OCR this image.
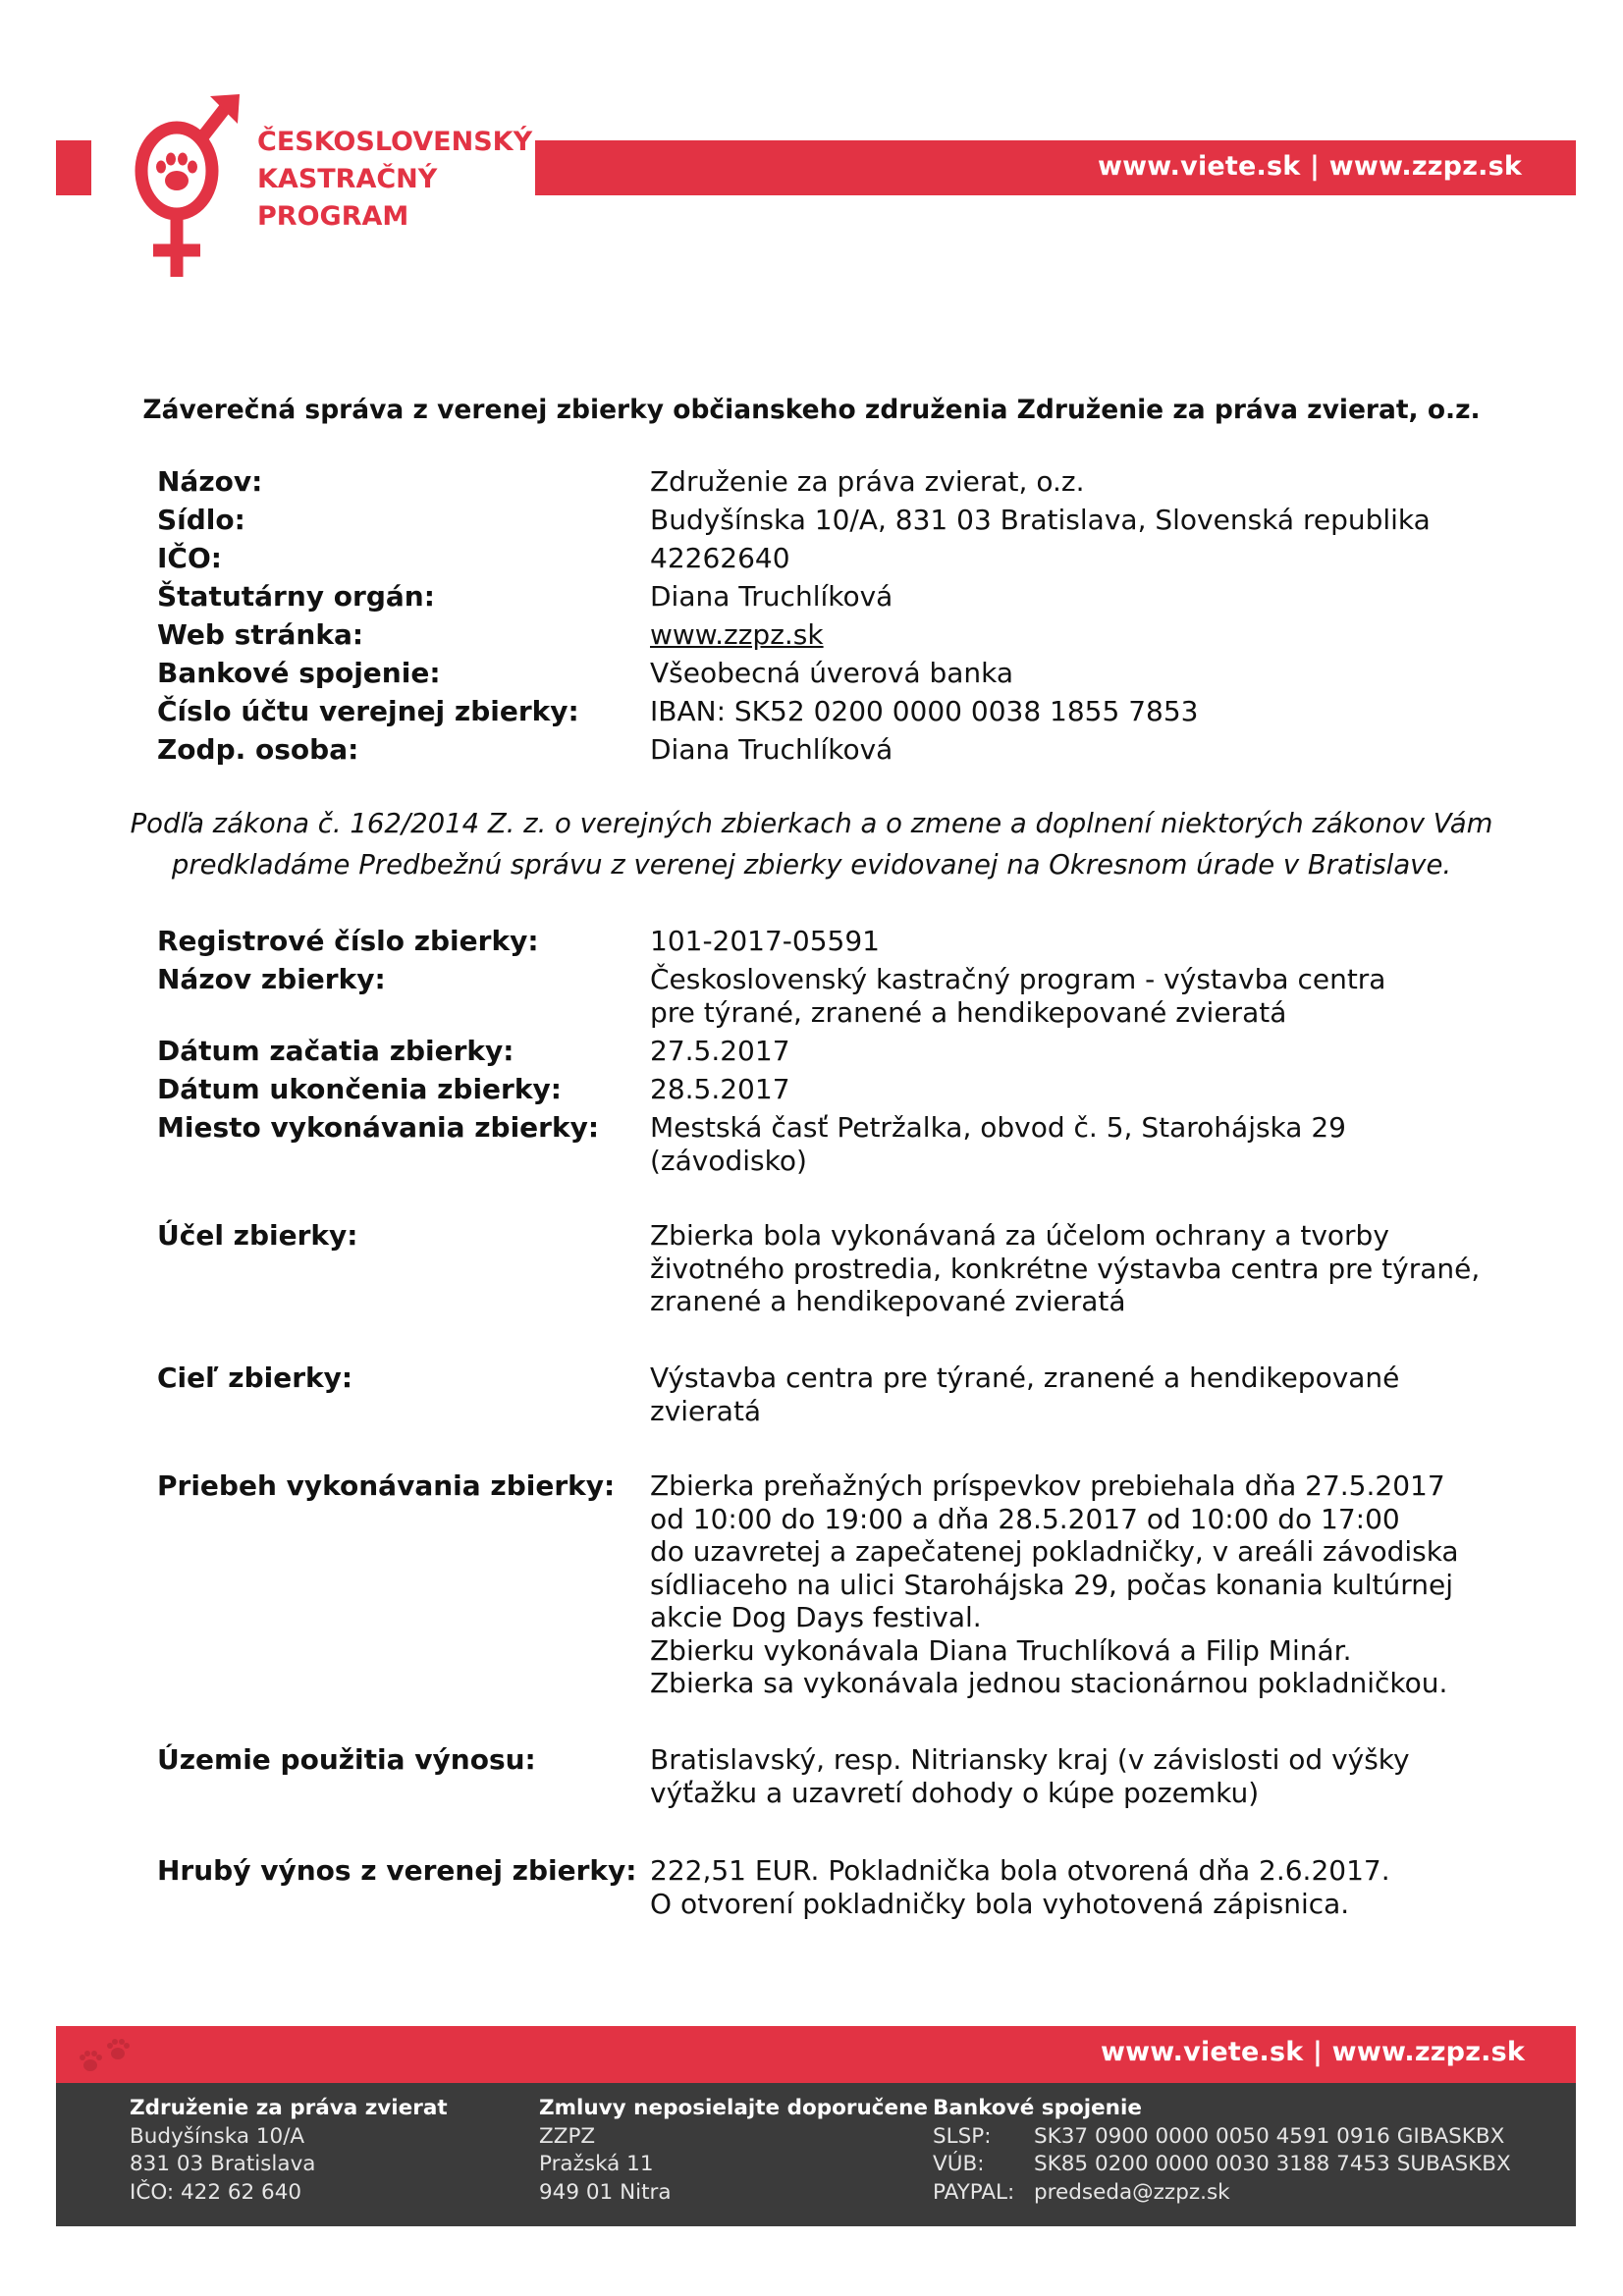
www.viete.sk | www.zzpz.sk
ČESKOSLOVENSKÝ
KASTRAČNÝ
PROGRAM
Záverečná správa z verenej zbierky občianskeho združenia Združenie za práva zvierat, o.z.
Názov:	Združenie za práva zvierat, o.z.
Sídlo:	Budyšínska 10/A, 831 03 Bratislava, Slovenská republika
IČO:	42262640
Štatutárny orgán:	Diana Truchlíková
Web stránka:	www.zzpz.sk
Bankové spojenie:	Všeobecná úverová banka
Číslo účtu verejnej zbierky:	IBAN: SK52 0200 0000 0038 1855 7853
Zodp. osoba:	Diana Truchlíková
Podľa zákona č. 162/2014 Z. z. o verejných zbierkach a o zmene a doplnení niektorých zákonov Vám
predkladáme Predbežnú správu z verenej zbierky evidovanej na Okresnom úrade v Bratislave.
Registrové číslo zbierky:	101-2017-05591
Názov zbierky:	Československý kastračný program - výstavba centra
pre týrané, zranené a hendikepované zvieratá
Dátum začatia zbierky:	27.5.2017
Dátum ukončenia zbierky:	28.5.2017
Miesto vykonávania zbierky: Mestská časť Petržalka, obvod č. 5, Starohájska 29
(závodisko)
Účel zbierky:	Zbierka bola vykonávaná za účelom ochrany a tvorby
životného prostredia, konkrétne výstavba centra pre týrané,
zranené a hendikepované zvieratá
Cieľ zbierky:	Výstavba centra pre týrané, zranené a hendikepované
zvieratá
Priebeh vykonávania zbierky: Zbierka preňažných príspevkov prebiehala dňa 27.5.2017
od 10:00 do 19:00 a dňa 28.5.2017 od 10:00 do 17:00
do uzavretej a zapečatenej pokladničky, v areáli závodiska
sídliaceho na ulici Starohájska 29, počas konania kultúrnej
akcie Dog Days festival.
Zbierku vykonávala Diana Truchlíková a Filip Minár.
Zbierka sa vykonávala jednou stacionárnou pokladničkou.
Územie použitia výnosu:	Bratislavský, resp. Nitriansky kraj (v závislosti od výšky
výťažku a uzavretí dohody o kúpe pozemku)
Hrubý výnos z verenej zbierky: 222,51 EUR. Pokladnička bola otvorená dňa 2.6.2017.
O otvorení pokladničky bola vyhotovená zápisnica.
www.viete.sk | www.zzpz.sk
Združenie za práva zvierat
Budyšínska 10/A
831 03 Bratislava
IČO: 422 62 640
Zmluvy neposielajte doporučene
ZZPZ
Pražská 11
949 01 Nitra
Bankové spojenie
SLSP: SK37 0900 0000 0050 4591 0916 GIBASKBX
VÚB: SK85 0200 0000 0030 3188 7453 SUBASKBX
PAYPAL: predseda@zzpz.sk
